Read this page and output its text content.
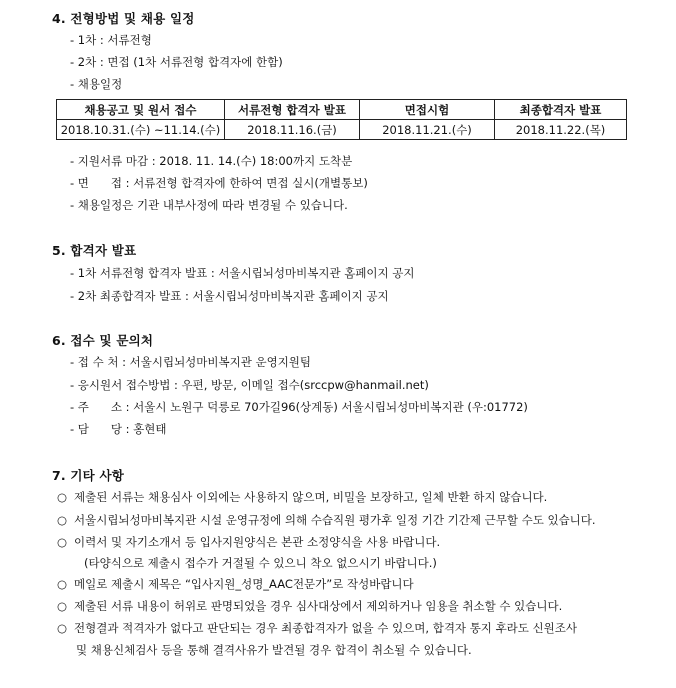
4. 전형방법 및 채용 일정
- 1차 : 서류전형
- 2차 : 면접 (1차 서류전형 합격자에 한함)
- 채용일정
채용공고 및 원서 접수	서류전형 합격자 발표	면접시험	최종합격자 발표
2018.10.31.(수) ~11.14.(수)	2018.11.16.(금)	2018.11.21.(수)	2018.11.22.(목)
- 지원서류 마감 : 2018. 11. 14.(수) 18:00까지 도착분
- 면      접 : 서류전형 합격자에 한하여 면접 실시(개별통보)
- 채용일정은 기관 내부사정에 따라 변경될 수 있습니다.
5. 합격자 발표
- 1차 서류전형 합격자 발표 : 서울시립뇌성마비복지관 홈페이지 공지
- 2차 최종합격자 발표 : 서울시립뇌성마비복지관 홈페이지 공지
6. 접수 및 문의처
- 접 수 처 : 서울시립뇌성마비복지관 운영지원팀
- 응시원서 접수방법 : 우편, 방문, 이메일 접수(srccpw@hanmail.net)
- 주      소 : 서울시 노원구 덕릉로 70가길96(상계동) 서울시립뇌성마비복지관 (우:01772)
- 담      당 : 홍현태
7. 기타 사항
○ 제출된 서류는 채용심사 이외에는 사용하지 않으며, 비밀을 보장하고, 일체 반환 하지 않습니다.
○ 서울시립뇌성마비복지관 시설 운영규정에 의해 수습직원 평가후 일정 기간 기간제 근무할 수도 있습니다.
○ 이력서 및 자기소개서 등 입사지원양식은 본관 소정양식을 사용 바랍니다.
(타양식으로 제출시 접수가 거절될 수 있으니 착오 없으시기 바랍니다.)
○ 메일로 제출시 제목은 “입사지원_성명_AAC전문가”로 작성바랍니다
○ 제출된 서류 내용이 허위로 판명되었을 경우 심사대상에서 제외하거나 임용을 취소할 수 있습니다.
○ 전형결과 적격자가 없다고 판단되는 경우 최종합격자가 없을 수 있으며, 합격자 통지 후라도 신원조사
및 채용신체검사 등을 통해 결격사유가 발견될 경우 합격이 취소될 수 있습니다.
